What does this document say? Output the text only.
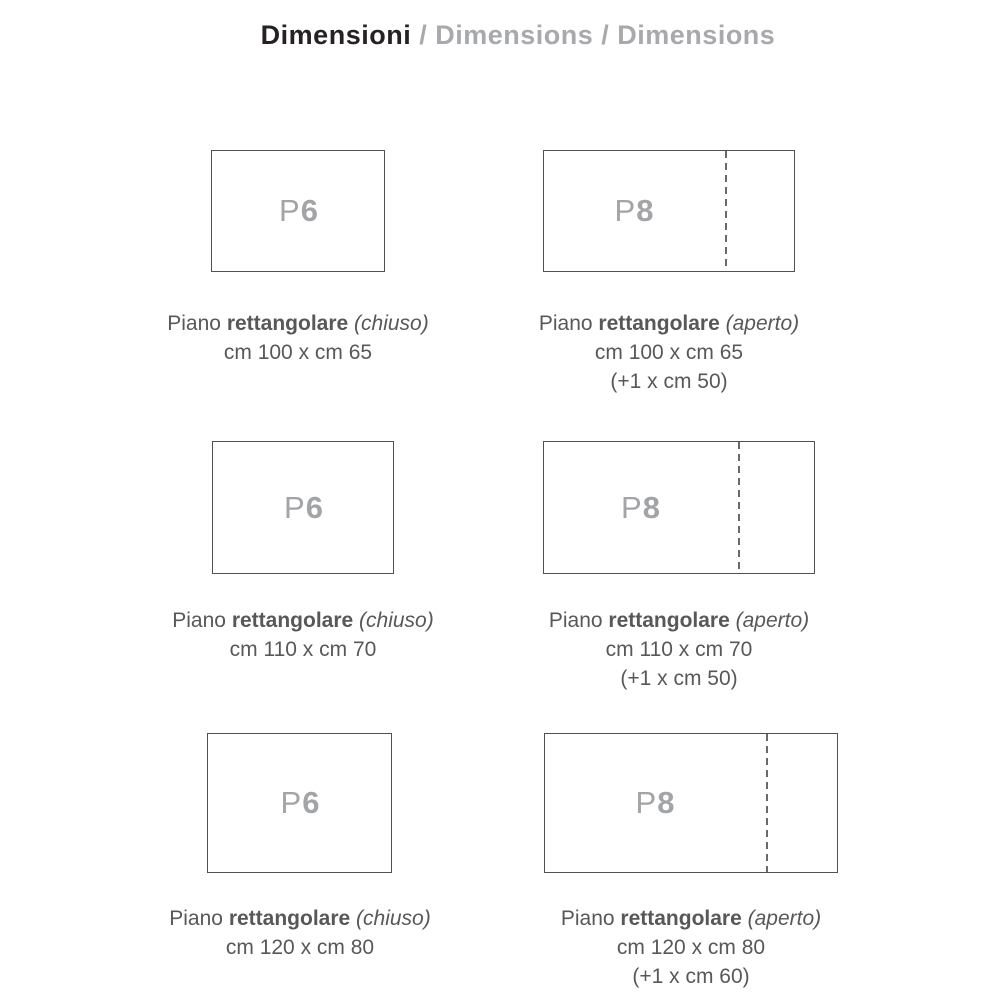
Dimensioni / Dimensions / Dimensions
P 6
Piano rettangolare (chiuso)
cm 100 x cm 65
P 8
Piano rettangolare (aperto)
cm 100 x cm 65
(+1 x cm 50)
P 6
Piano rettangolare (chiuso)
cm 110 x cm 70
P 8
Piano rettangolare (aperto)
cm 110 x cm 70
(+1 x cm 50)
P 6
Piano rettangolare (chiuso)
cm 120 x cm 80
P 8
Piano rettangolare (aperto)
cm 120 x cm 80
(+1 x cm 60)
